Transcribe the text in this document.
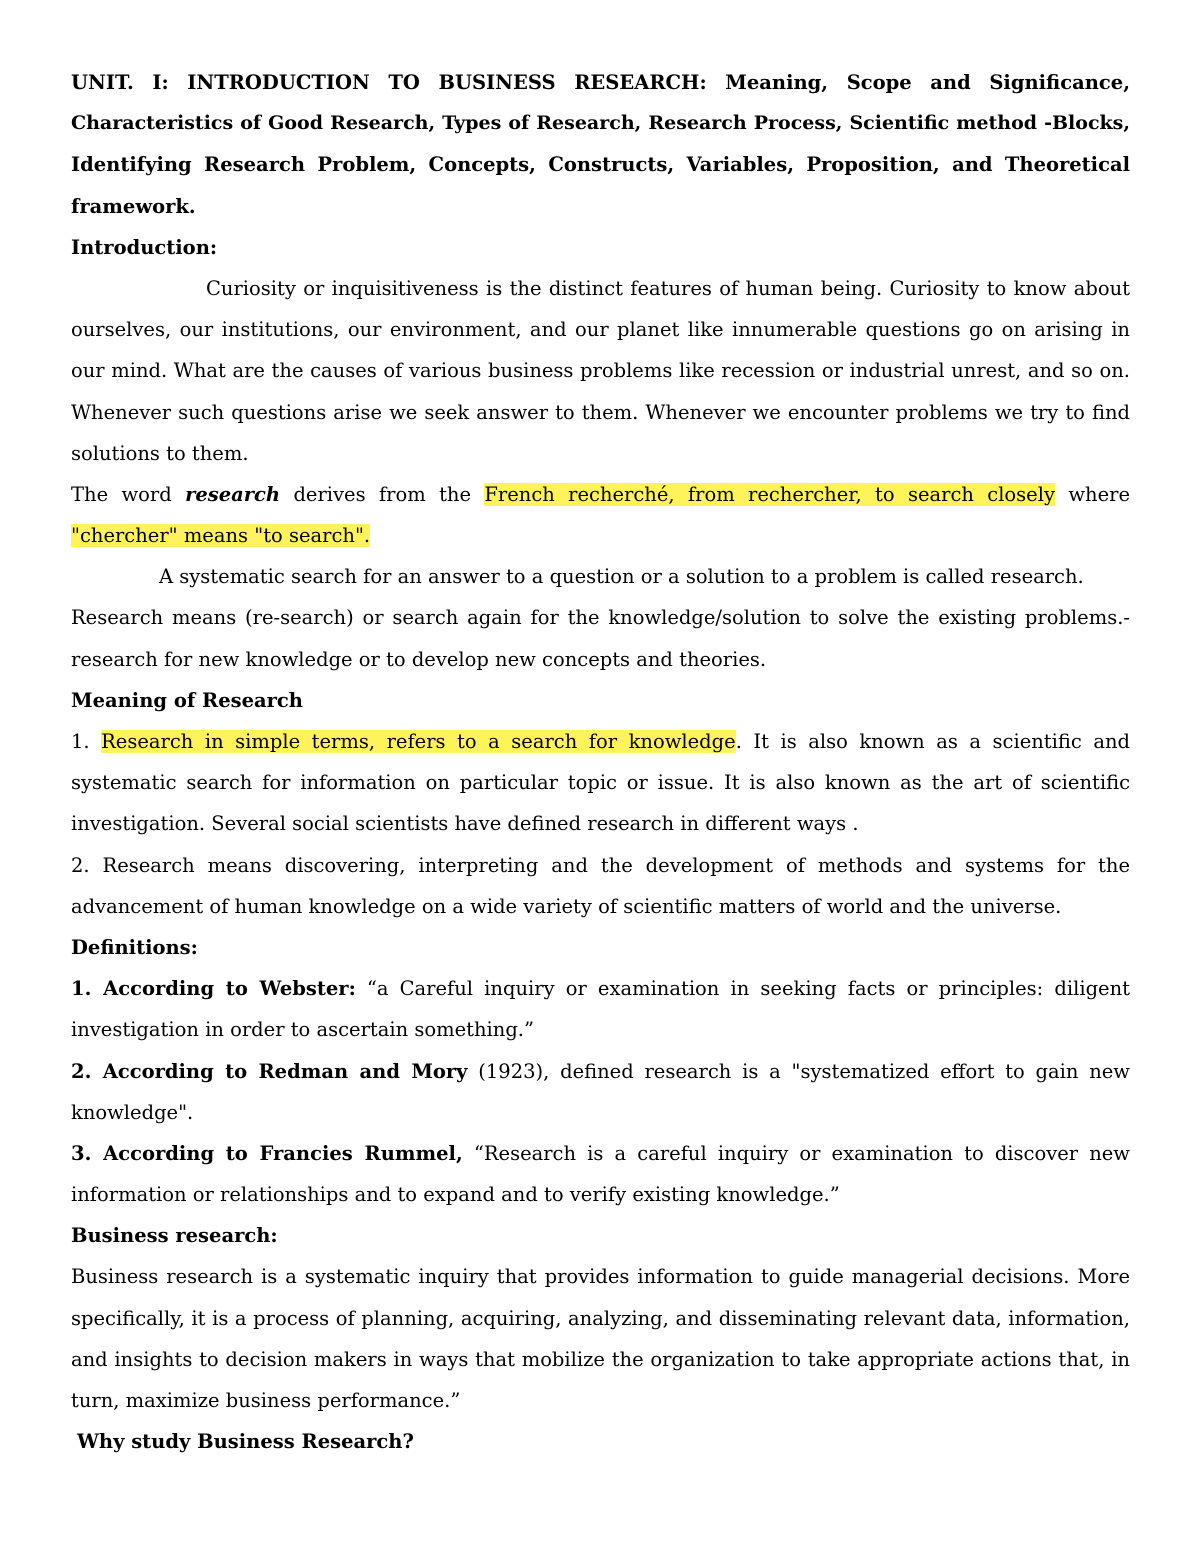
UNIT. I: INTRODUCTION TO BUSINESS RESEARCH: Meaning, Scope and Significance,
Characteristics of Good Research, Types of Research, Research Process, Scientific method -Blocks,
Identifying Research Problem, Concepts, Constructs, Variables, Proposition, and Theoretical
framework.
Introduction:
Curiosity or inquisitiveness is the distinct features of human being. Curiosity to know about
ourselves, our institutions, our environment, and our planet like innumerable questions go on arising in
our mind. What are the causes of various business problems like recession or industrial unrest, and so on.
Whenever such questions arise we seek answer to them. Whenever we encounter problems we try to find
solutions to them.
The word research derives from the French recherché, from rechercher, to search closely where
"chercher" means "to search".
A systematic search for an answer to a question or a solution to a problem is called research.
Research means (re-search) or search again for the knowledge/solution to solve the existing problems.-
research for new knowledge or to develop new concepts and theories.
Meaning of Research
1. Research in simple terms, refers to a search for knowledge. It is also known as a scientific and
systematic search for information on particular topic or issue. It is also known as the art of scientific
investigation. Several social scientists have defined research in different ways .
2. Research means discovering, interpreting and the development of methods and systems for the
advancement of human knowledge on a wide variety of scientific matters of world and the universe.
Definitions:
1. According to Webster: “a Careful inquiry or examination in seeking facts or principles: diligent
investigation in order to ascertain something.”
2. According to Redman and Mory (1923), defined research is a "systematized effort to gain new
knowledge".
3. According to Francies Rummel, “Research is a careful inquiry or examination to discover new
information or relationships and to expand and to verify existing knowledge.”
Business research:
Business research is a systematic inquiry that provides information to guide managerial decisions. More
specifically, it is a process of planning, acquiring, analyzing, and disseminating relevant data, information,
and insights to decision makers in ways that mobilize the organization to take appropriate actions that, in
turn, maximize business performance.”
Why study Business Research?
